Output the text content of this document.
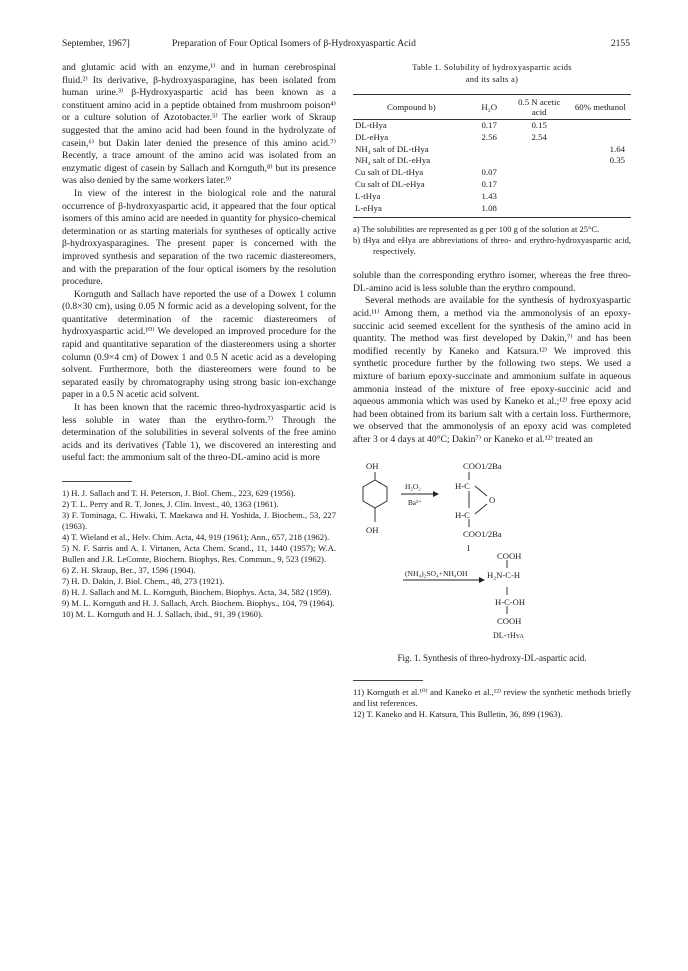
September, 1967]	Preparation of Four Optical Isomers of β-Hydroxyaspartic Acid	2155

and glutamic acid with an enzyme,¹⁾ and in human cerebrospinal fluid.²⁾ Its derivative, β-hydroxyasparagine, has been isolated from human urine.³⁾ β-Hydroxyaspartic acid has been known as a constituent amino acid in a peptide obtained from mushroom poison⁴⁾ or a culture solution of Azotobacter.⁵⁾ The earlier work of Skraup suggested that the amino acid had been found in the hydrolyzate of casein,⁶⁾ but Dakin later denied the presence of this amino acid.⁷⁾ Recently, a trace amount of the amino acid was isolated from an enzymatic digest of casein by Sallach and Kornguth,⁸⁾ but its presence was also denied by the same workers later.⁹⁾

In view of the interest in the biological role and the natural occurrence of β-hydroxyaspartic acid, it appeared that the four optical isomers of this amino acid are needed in quantity for physico-chemical determination or as starting materials for syntheses of optically active β-hydroxyasparagines. The present paper is concerned with the improved synthesis and separation of the two racemic diastereomers, and with the preparation of the four optical isomers by the resolution procedure.

Kornguth and Sallach have reported the use of a Dowex 1 column (0.8×30 cm), using 0.05 N formic acid as a developing solvent, for the quantitative determination of the racemic diastereomers of hydroxyaspartic acid.¹⁰⁾ We developed an improved procedure for the rapid and quantitative separation of the diastereomers using a shorter column (0.9×4 cm) of Dowex 1 and 0.5 N acetic acid as a developing solvent. Furthermore, both the diastereomers were found to be separated easily by chromatography using strong basic ion-exchange paper in a 0.5 N acetic acid solvent.

It has been known that the racemic threo-hydroxyaspartic acid is less soluble in water than the erythro-form.⁷⁾ Through the determination of the solubilities in several solvents of the free amino acids and its derivatives (Table 1), we discovered an interesting and useful fact: the ammonium salt of the threo-DL-amino acid is more

1) H. J. Sallach and T. H. Peterson, J. Biol. Chem., 223, 629 (1956).
2) T. L. Perry and R. T. Jones, J. Clin. Invest., 40, 1363 (1961).
3) F. Tominaga, C. Hiwaki, T. Maekawa and H. Yoshida, J. Biochem., 53, 227 (1963).
4) T. Wieland et al., Helv. Chim. Acta, 44, 919 (1961); Ann., 657, 218 (1962).
5) N. F. Sarris and A. I. Virtanen, Acta Chem. Scand., 11, 1440 (1957); W.A. Bullen and J.R. LeComte, Biochem. Biophys. Res. Commun., 9, 523 (1962).
6) Z. H. Skraup, Ber., 37, 1596 (1904).
7) H. D. Dakin, J. Biol. Chem., 48, 273 (1921).
8) H. J. Sallach and M. L. Kornguth, Biochem. Biophys. Acta, 34, 582 (1959).
9) M. L. Kornguth and H. J. Sallach, Arch. Biochem. Biophys., 104, 79 (1964).
10) M. L. Kornguth and H. J. Sallach, ibid., 91, 39 (1960).
Table 1. Solubility of hydroxyaspartic acids
and its salts a)
Compound b)	H₂O	0.5 N acetic acid	60% methanol
DL-tHya	0.17	0.15	
DL-eHya	2.56	2.54	
NH₄ salt of DL-tHya			1.64
NH₄ salt of DL-eHya			0.35
Cu salt of DL-tHya	0.07		
Cu salt of DL-eHya	0.17		
L-tHya	1.43		
L-eHya	1.08		
a) The solubilities are represented as g per 100 g of the solution at 25°C.
b) tHya and eHya are abbreviations of threo- and erythro-hydroxyaspartic acid, respectively.

soluble than the corresponding erythro isomer, whereas the free threo-DL-amino acid is less soluble than the erythro compound.

Several methods are available for the synthesis of hydroxyaspartic acid.¹¹⁾ Among them, a method via the ammonolysis of an epoxy-succinic acid seemed excellent for the synthesis of the amino acid in quantity. The method was first developed by Dakin,⁷⁾ and has been modified recently by Kaneko and Katsura.¹²⁾ We improved this synthetic procedure further by the following two steps. We used a mixture of barium epoxy-succinate and ammonium sulfate in aqueous ammonia instead of the mixture of free epoxy-succinic acid and aqueous ammonia which was used by Kaneko et al.;¹²⁾ free epoxy acid had been obtained from its barium salt with a certain loss. Furthermore, we observed that the ammonolysis of an epoxy acid was completed after 3 or 4 days at 40°C; Dakin⁷⁾ or Kaneko et al.¹²⁾ treated an

OH
OH
H₂O₂
Ba²⁺
COO1/2Ba
H-C
O
H-C
COO1/2Ba
I
COOH
(NH₄)₂SO₄+NH₄OH H₂N-C-H
H-C-OH
COOH
DL-tHya
Fig. 1. Synthesis of threo-hydroxy-DL-aspartic acid.
11) Kornguth et al.¹⁰⁾ and Kaneko et al.,¹²⁾ review the synthetic methods briefly and list references.
12) T. Kaneko and H. Katsura, This Bulletin, 36, 899 (1963).
